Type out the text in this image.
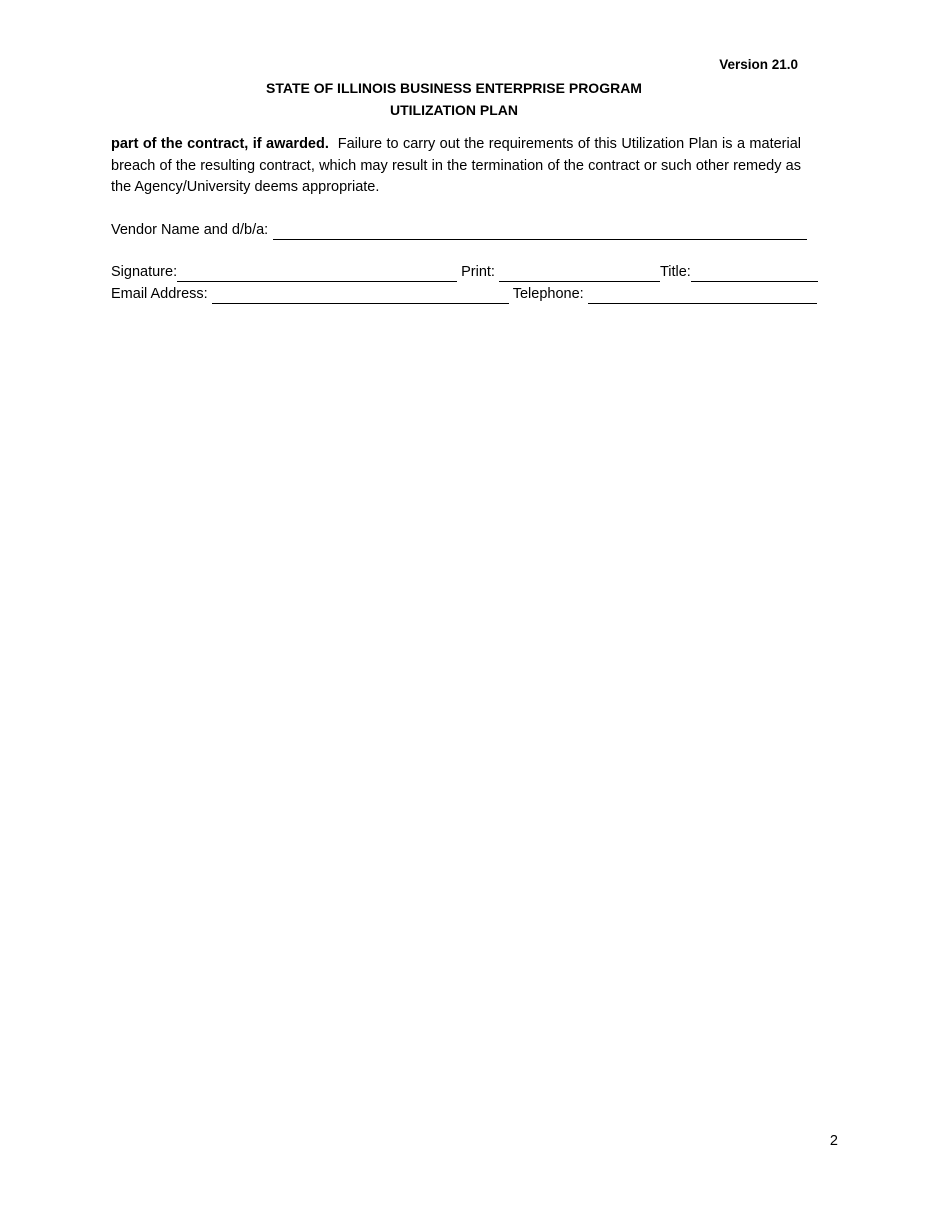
Version 21.0
STATE OF ILLINOIS BUSINESS ENTERPRISE PROGRAM
UTILIZATION PLAN
part of the contract, if awarded. Failure to carry out the requirements of this Utilization Plan is a material breach of the resulting contract, which may result in the termination of the contract or such other remedy as the Agency/University deems appropriate.
Vendor Name and d/b/a:
Signature:	Print:	Title:
Email Address:	Telephone:
2
